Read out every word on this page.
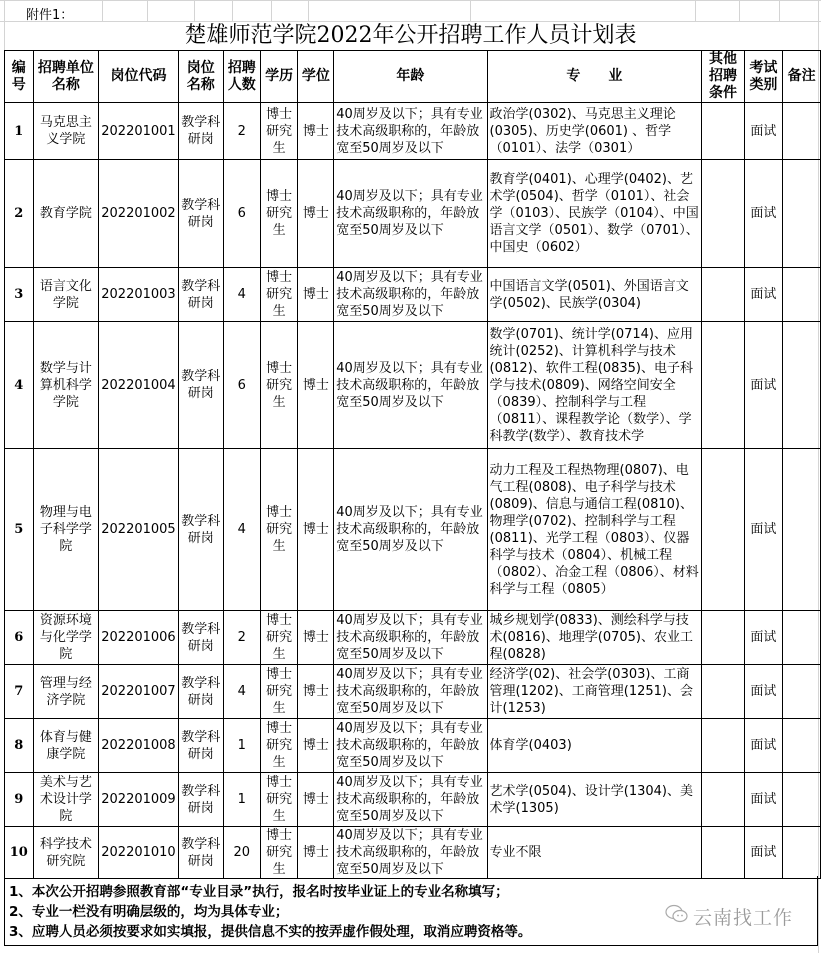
附件1：
楚雄师范学院2022年公开招聘工作人员计划表
编号	招聘单位名称	岗位代码	岗位名称	招聘人数	学历	学位	年龄	专　　业	其他招聘条件	考试类别	备注
1	马克思主义学院	202201001	教学科研岗	2	博士研究生	博士	40周岁及以下；具有专业技术高级职称的，年龄放宽至50周岁及以下	政治学(0302)、马克思主义理论(0305)、历史学(0601) 、哲学（0101）、法学（0301）		面试	
2	教育学院	202201002	教学科研岗	6	博士研究生	博士	40周岁及以下；具有专业技术高级职称的，年龄放宽至50周岁及以下	教育学(0401)、心理学(0402)、艺术学(0504)、哲学（0101）、社会学（0103）、民族学（0104）、中国语言文学（0501）、数学（0701）、中国史（0602）		面试	
3	语言文化学院	202201003	教学科研岗	4	博士研究生	博士	40周岁及以下；具有专业技术高级职称的，年龄放宽至50周岁及以下	中国语言文学(0501)、外国语言文学(0502)、民族学(0304)		面试	
4	数学与计算机科学学院	202201004	教学科研岗	6	博士研究生	博士	40周岁及以下；具有专业技术高级职称的，年龄放宽至50周岁及以下	数学(0701)、统计学(0714)、应用统计(0252)、计算机科学与技术(0812)、软件工程(0835)、电子科学与技术(0809)、网络空间安全（0839）、控制科学与工程（0811）、课程教学论（数学）、学科教学(数学）、教育技术学		面试	
5	物理与电子科学学院	202201005	教学科研岗	4	博士研究生	博士	40周岁及以下；具有专业技术高级职称的，年龄放宽至50周岁及以下	动力工程及工程热物理(0807)、电气工程(0808)、电子科学与技术(0809)、信息与通信工程(0810)、物理学(0702)、控制科学与工程(0811)、光学工程（0803）、仪器科学与技术（0804）、机械工程（0802）、冶金工程（0806）、材料科学与工程（0805）		面试	
6	资源环境与化学学院	202201006	教学科研岗	2	博士研究生	博士	40周岁及以下；具有专业技术高级职称的，年龄放宽至50周岁及以下	城乡规划学(0833)、测绘科学与技术(0816)、地理学(0705)、农业工程(0828)		面试	
7	管理与经济学院	202201007	教学科研岗	4	博士研究生	博士	40周岁及以下；具有专业技术高级职称的，年龄放宽至50周岁及以下	经济学(02)、社会学(0303)、工商管理(1202)、工商管理(1251)、会计(1253)		面试	
8	体育与健康学院	202201008	教学科研岗	1	博士研究生	博士	40周岁及以下；具有专业技术高级职称的，年龄放宽至50周岁及以下	体育学(0403)		面试	
9	美术与艺术设计学院	202201009	教学科研岗	1	博士研究生	博士	40周岁及以下；具有专业技术高级职称的，年龄放宽至50周岁及以下	艺术学(0504)、设计学(1304)、美术学(1305)		面试	
10	科学技术研究院	202201010	教学科研岗	20	博士研究生	博士	40周岁及以下；具有专业技术高级职称的，年龄放宽至50周岁及以下	专业不限		面试	
1、本次公开招聘参照教育部“专业目录”执行，报名时按毕业证上的专业名称填写；
2、专业一栏没有明确层级的，均为具体专业；
3、应聘人员必须按要求如实填报，提供信息不实的按弄虚作假处理，取消应聘资格等。
云南找工作
